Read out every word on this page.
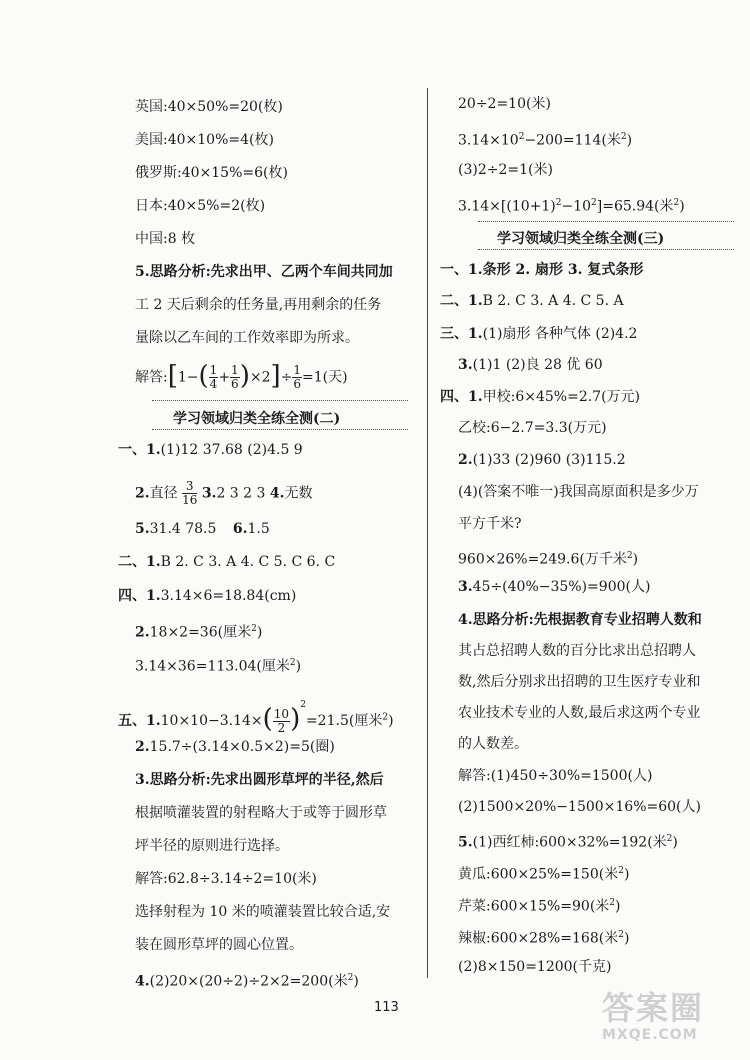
英国:40×50%=20(枚)
美国:40×10%=4(枚)
俄罗斯:40×15%=6(枚)
日本:40×5%=2(枚)
中国:8 枚
5.思路分析:先求出甲、乙两个车间共同加
工 2 天后剩余的任务量,再用剩余的任务
量除以乙车间的工作效率即为所求。
解答:[1−( $\frac{1}{4} + \frac{1}{6} )\times 2]\div \frac{1}{6} =1$(天)
学习领域归类全练全测(二)
一、1.(1)12 37.68 (2)4.5 9
2.直径 $\frac{3}{16} 3.2$ 3 2 3 4.无数
5.31.4 78.5 6.1.5
二、1.B 2. C 3. A 4. C 5. C 6. C
四、1.3.14×6=18.84(cm)
2.18×2=36(厘米$^2$)
3.14×36=113.04(厘米$^2$)
五、$1.10\times 10-3.14\times( \frac{10}{2} )^2=21.5$(厘米$^2$)
2.15.7÷(3.14×0.5×2)=5(圈)
3.思路分析:先求出圆形草坪的半径,然后
根据喷灌装置的射程略大于或等于圆形草
坪半径的原则进行选择。
解答:62.8÷3.14÷2=10(米)
选择射程为 10 米的喷灌装置比较合适,安
装在圆形草坪的圆心位置。
4.(2)20×(20÷2)÷2×2=200(米$^2$)
20÷2=10(米)
$3.14\times 10^2-200=114$(米$^2$)
(3)2÷2=1(米)
$3.14\times[(10+1)^2-10^2]=65.94$(米$^2$)
学习领域归类全练全测(三)
一、1.条形 2. 扇形 3. 复式条形
二、1.B 2. C 3. A 4. C 5. A
三、1.(1)扇形 各种气体 (2)4.2
3.(1)1 (2)良 28 优 60
四、1.甲校:6×45%=2.7(万元)
乙校:6−2.7=3.3(万元)
2.(1)33 (2)960 (3)115.2
(4)(答案不唯一)我国高原面积是多少万
平方千米?
960×26%=249.6(万千米$^2$)
3.45÷(40%−35%)=900(人)
4.思路分析:先根据教育专业招聘人数和
其占总招聘人数的百分比求出总招聘人
数,然后分别求出招聘的卫生医疗专业和
农业技术专业的人数,最后求这两个专业
的人数差。
解答:(1)450÷30%=1500(人)
(2)1500×20%−1500×16%=60(人)
5.(1)西红柿:600×32%=192(米$^2$)
黄瓜:600×25%=150(米$^2$)
芹菜:600×15%=90(米$^2$)
辣椒:600×28%=168(米$^2$)
(2)8×150=1200(千克)
113	答案圈
MXQE.COM
